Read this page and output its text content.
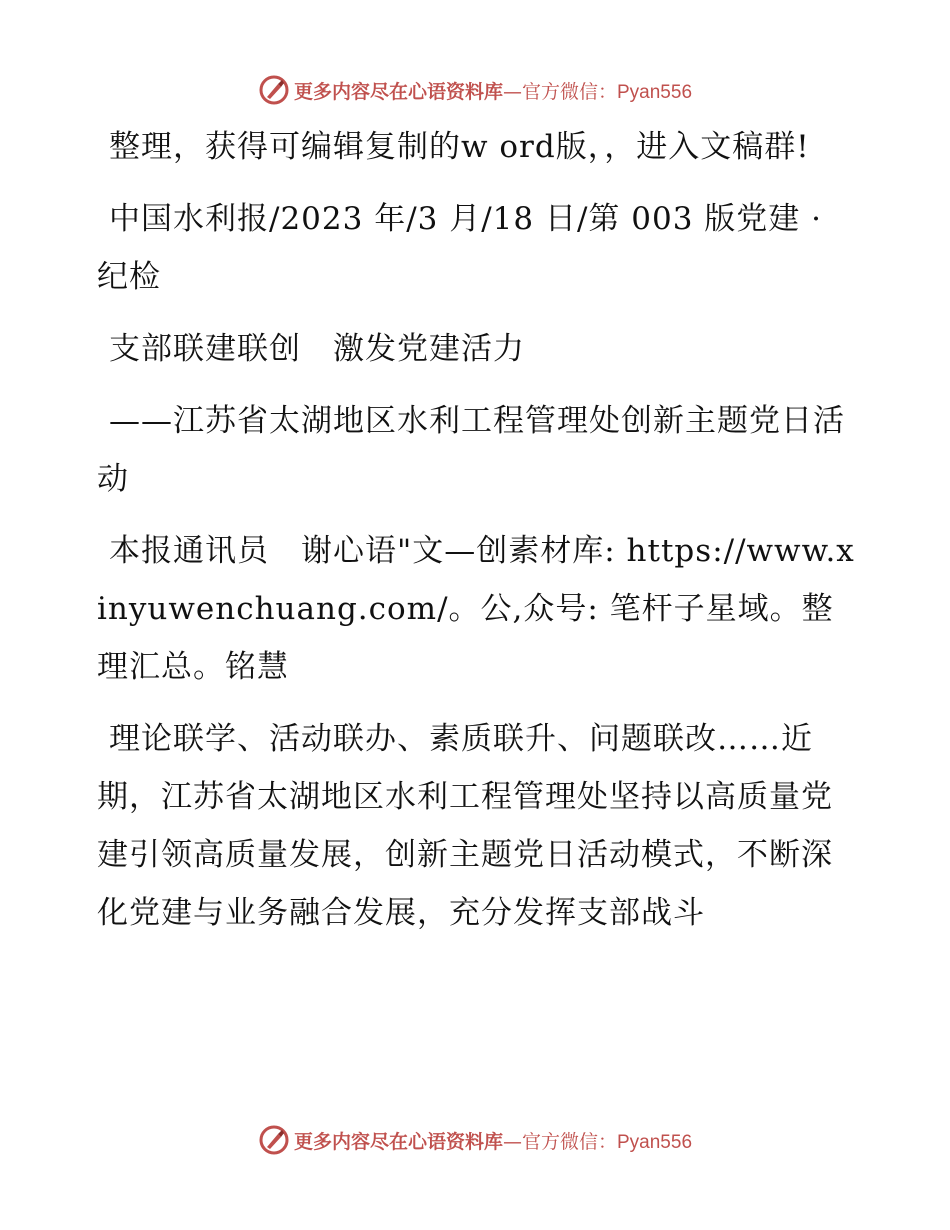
更多内容尽在心语资料库—官方微信：Pyan556

整理，获得可编辑复制的w ord版，，进入文稿群!

中国水利报/2023 年/3 月/18 日/第 003 版党建 · 纪检

支部联建联创　激发党建活力

——江苏省太湖地区水利工程管理处创新主题党日活动

本报通讯员　谢心语"文—创素材库: https://www.xinyuwenchuang.com/。公,众号: 笔杆子星域。整理汇总。铭慧

理论联学、活动联办、素质联升、问题联改……近期，江苏省太湖地区水利工程管理处坚持以高质量党建引领高质量发展，创新主题党日活动模式，不断深化党建与业务融合发展，充分发挥支部战斗

更多内容尽在心语资料库—官方微信：Pyan556
